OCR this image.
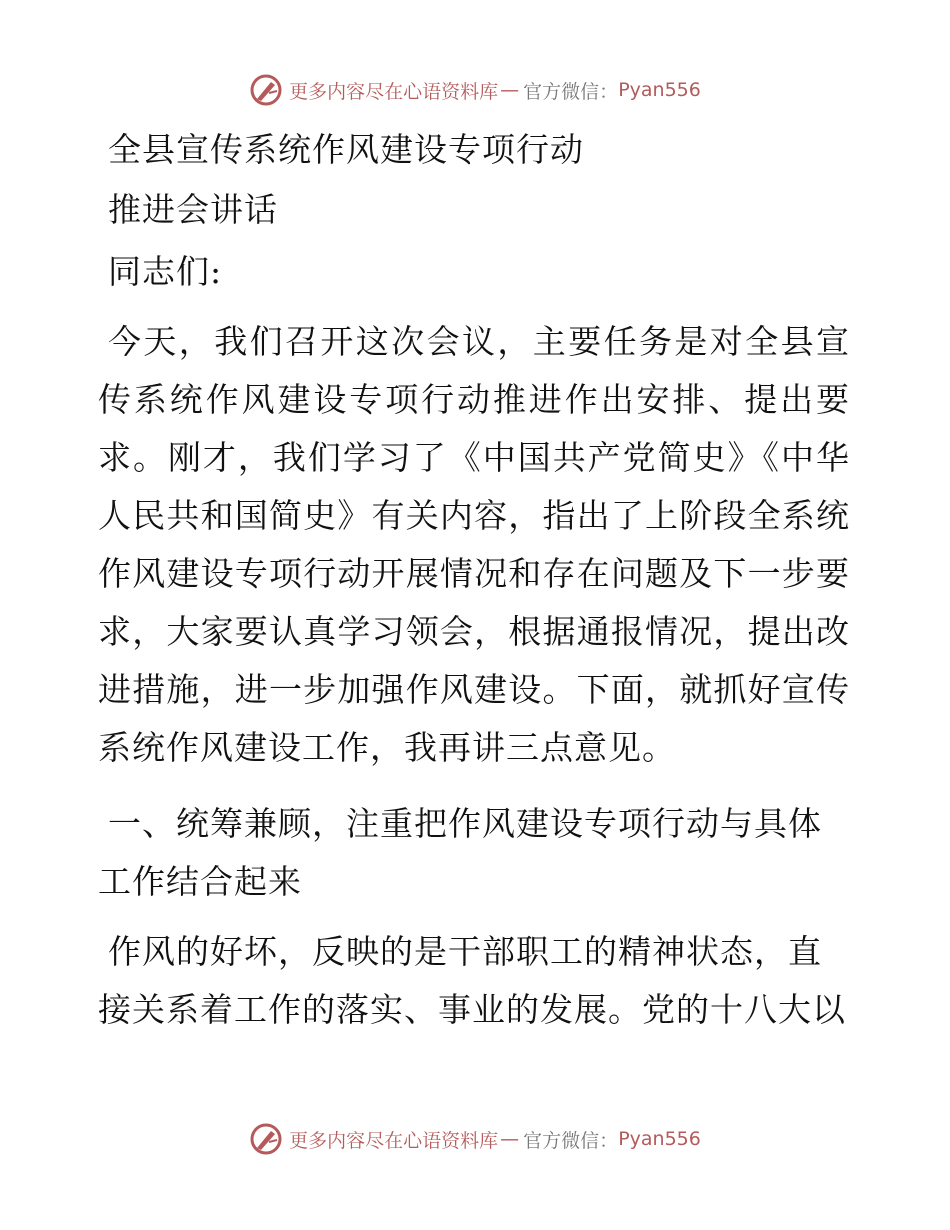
更多内容尽在心语资料库 — 官方微信： Pyan556

全县宣传系统作风建设专项行动

推进会讲话

同志们:

今天，我们召开这次会议，主要任务是对全县宣传系统作风建设专项行动推进作出安排、提出要求。刚才，我们学习了《中国共产党简史》《中华人民共和国简史》有关内容，指出了上阶段全系统作风建设专项行动开展情况和存在问题及下一步要求，大家要认真学习领会，根据通报情况，提出改进措施，进一步加强作风建设。下面，就抓好宣传系统作风建设工作，我再讲三点意见。

一、统筹兼顾，注重把作风建设专项行动与具体工作结合起来

作风的好坏，反映的是干部职工的精神状态，直接关系着工作的落实、事业的发展。党的十八大以

更多内容尽在心语资料库 — 官方微信： Pyan556
